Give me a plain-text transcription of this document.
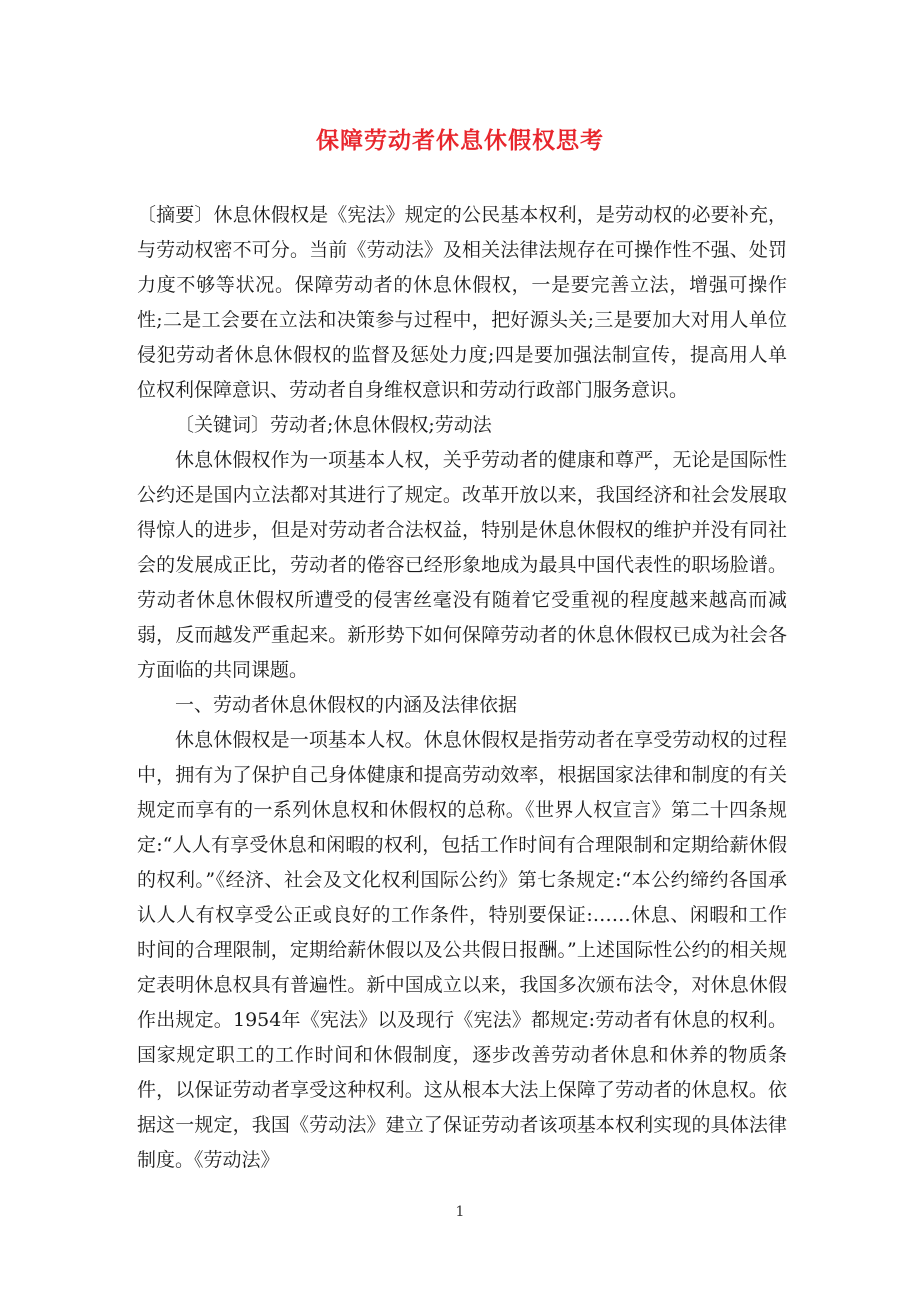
保障劳动者休息休假权思考

〔摘要〕休息休假权是《宪法》规定的公民基本权利，是劳动权的必要补充，与劳动权密不可分。当前《劳动法》及相关法律法规存在可操作性不强、处罚力度不够等状况。保障劳动者的休息休假权，一是要完善立法，增强可操作性;二是工会要在立法和决策参与过程中，把好源头关;三是要加大对用人单位侵犯劳动者休息休假权的监督及惩处力度;四是要加强法制宣传，提高用人单位权利保障意识、劳动者自身维权意识和劳动行政部门服务意识。

〔关键词〕劳动者;休息休假权;劳动法

休息休假权作为一项基本人权，关乎劳动者的健康和尊严，无论是国际性公约还是国内立法都对其进行了规定。改革开放以来，我国经济和社会发展取得惊人的进步，但是对劳动者合法权益，特别是休息休假权的维护并没有同社会的发展成正比，劳动者的倦容已经形象地成为最具中国代表性的职场脸谱。劳动者休息休假权所遭受的侵害丝毫没有随着它受重视的程度越来越高而减弱，反而越发严重起来。新形势下如何保障劳动者的休息休假权已成为社会各方面临的共同课题。

一、劳动者休息休假权的内涵及法律依据

休息休假权是一项基本人权。休息休假权是指劳动者在享受劳动权的过程中，拥有为了保护自己身体健康和提高劳动效率，根据国家法律和制度的有关规定而享有的一系列休息权和休假权的总称。《世界人权宣言》第二十四条规定:“人人有享受休息和闲暇的权利，包括工作时间有合理限制和定期给薪休假的权利。”《经济、社会及文化权利国际公约》第七条规定:“本公约缔约各国承认人人有权享受公正或良好的工作条件，特别要保证:……休息、闲暇和工作时间的合理限制，定期给薪休假以及公共假日报酬。”上述国际性公约的相关规定表明休息权具有普遍性。新中国成立以来，我国多次颁布法令，对休息休假作出规定。1954年《宪法》以及现行《宪法》都规定:劳动者有休息的权利。国家规定职工的工作时间和休假制度，逐步改善劳动者休息和休养的物质条件，以保证劳动者享受这种权利。这从根本大法上保障了劳动者的休息权。依据这一规定，我国《劳动法》建立了保证劳动者该项基本权利实现的具体法律制度。《劳动法》

1
